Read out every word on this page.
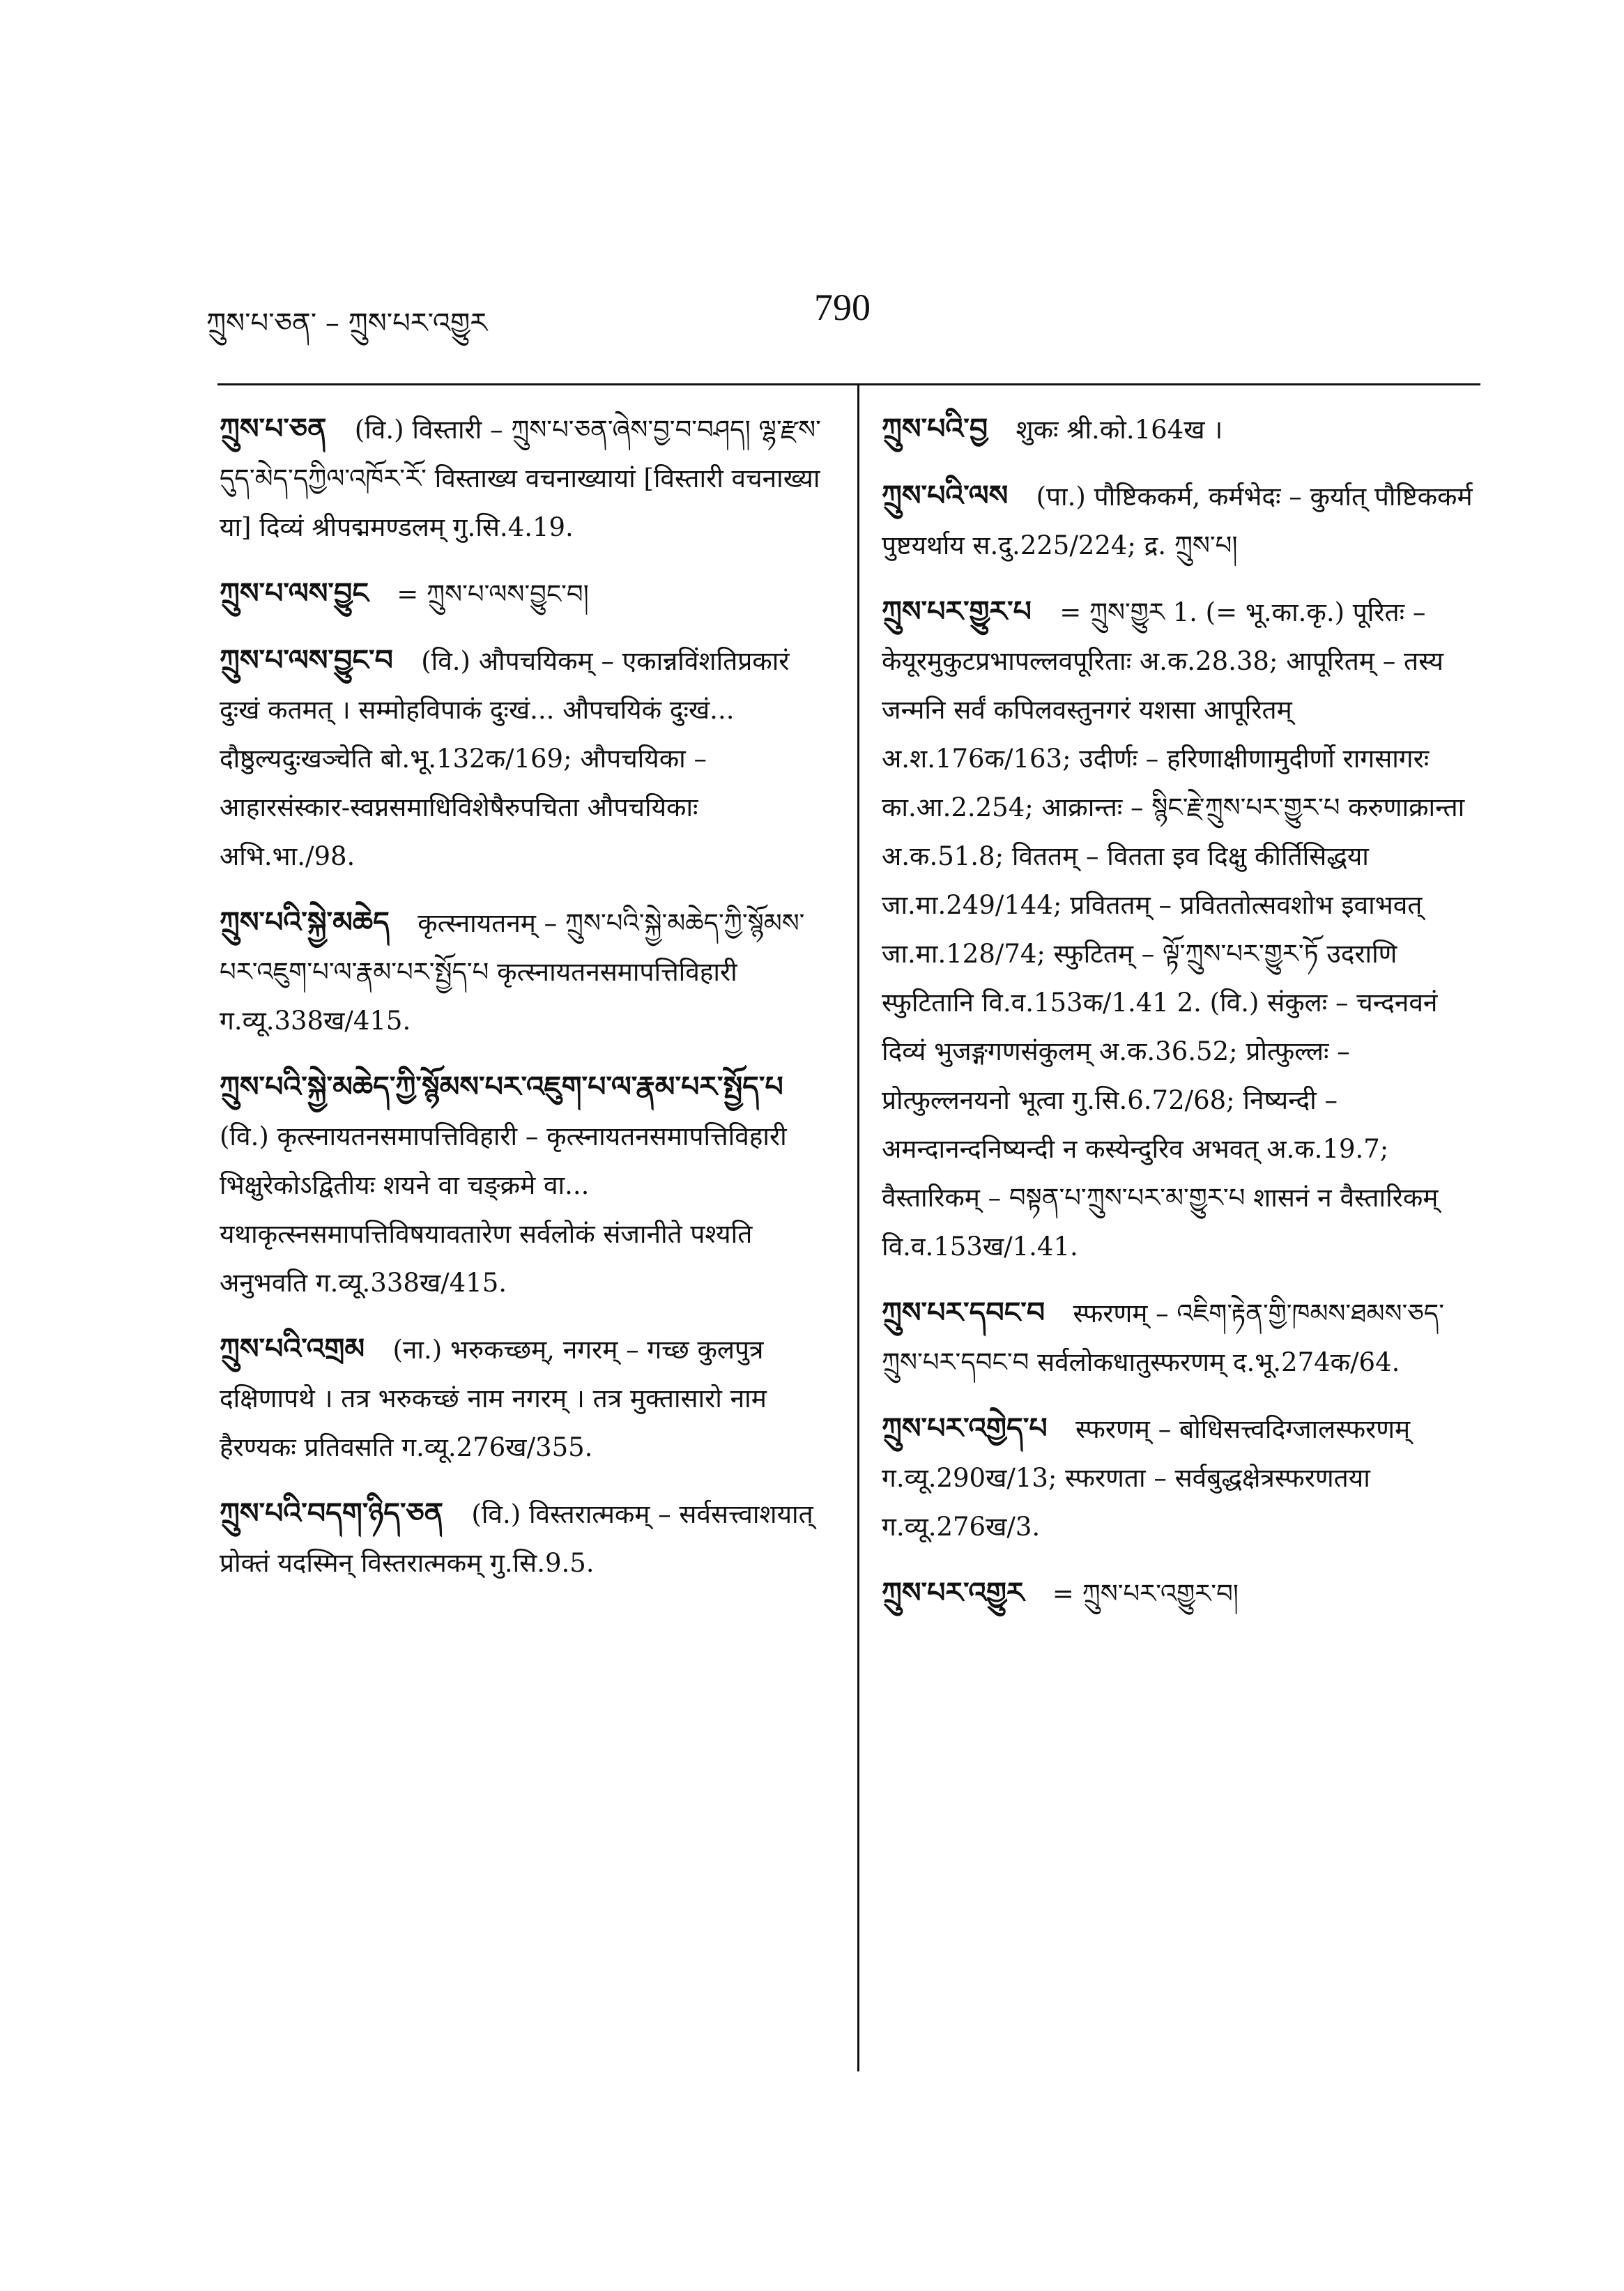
ཀྲུས་པ་ཅན་ – ཀྲུས་པར་འགྱུར	790
ཀྲུས་པ་ཅན   (वि.) विस्तारी – ཀྲུས་པ་ཅན་ཞེས་བྱ་བ་བཤད། ལྷ་རྫས་དུད་མེད་དཀྱིལ་འཁོར་རོ་ विस्ताख्य वचनाख्यायां [विस्तारी वचनाख्या या] दिव्यं श्रीपद्ममण्डलम् गु.सि.4.19.
ཀྲུས་པ་ལས་བྱུང   = ཀྲུས་པ་ལས་བྱུང་བ།
ཀྲུས་པ་ལས་བྱུང་བ   (वि.) औपचयिकम् – एकान्नविंशतिप्रकारं दुःखं कतमत् । सम्मोहविपाकं दुःखं... औपचयिकं दुःखं... दौष्ठुल्यदुःखञ्चेति बो.भू.132क/169; औपचयिका – आहारसंस्कार-स्वप्नसमाधिविशेषैरुपचिता औपचयिकाः अभि.भा./98.
ཀྲུས་པའི་སྐྱེ་མཆེད   कृत्स्नायतनम् – ཀྲུས་པའི་སྐྱེ་མཆེད་ཀྱི་སྙོམས་པར་འཇུག་པ་ལ་རྣམ་པར་སྤྱོད་པ कृत्स्नायतनसमापत्तिविहारी ग.व्यू.338ख/415.
ཀྲུས་པའི་སྐྱེ་མཆེད་ཀྱི་སྙོམས་པར་འཇུག་པ་ལ་རྣམ་པར་སྤྱོད་པ   (वि.) कृत्स्नायतनसमापत्तिविहारी – कृत्स्नायतनसमापत्तिविहारी भिक्षुरेकोऽद्वितीयः शयने वा चङ्क्रमे वा... यथाकृत्स्नसमापत्तिविषयावतारेण सर्वलोकं संजानीते पश्यति अनुभवति ग.व्यू.338ख/415.
ཀྲུས་པའི་འགྲམ   (ना.) भरुकच्छम्, नगरम् – गच्छ कुलपुत्र दक्षिणापथे । तत्र भरुकच्छं नाम नगरम् । तत्र मुक्तासारो नाम हैरण्यकः प्रतिवसति ग.व्यू.276ख/355.
ཀྲུས་པའི་བདག་ཉིད་ཅན   (वि.) विस्तरात्मकम् – सर्वसत्त्वाशयात् प्रोक्तं यदस्मिन् विस्तरात्मकम् गु.सि.9.5.
ཀྲུས་པའི་བྱ   शुकः श्री.को.164ख ।
ཀྲུས་པའི་ལས   (पा.) पौष्टिककर्म, कर्मभेदः – कुर्यात् पौष्टिककर्म पुष्टयर्थाय स.दु.225/224; द्र. ཀྲུས་པ།
ཀྲུས་པར་གྱུར་པ   = ཀྲུས་གྱུར 1. (= भू.का.कृ.) पूरितः – केयूरमुकुटप्रभापल्लवपूरिताः अ.क.28.38; आपूरितम् – तस्य जन्मनि सर्वं कपिलवस्तुनगरं यशसा आपूरितम् अ.श.176क/163; उदीर्णः – हरिणाक्षीणामुदीर्णो रागसागरः का.आ.2.254; आक्रान्तः – སྙིང་རྗེ་ཀྲུས་པར་གྱུར་པ करुणाक्रान्ता अ.क.51.8; विततम् – वितता इव दिक्षु कीर्तिसिद्धया जा.मा.249/144; प्रविततम् – प्रविततोत्सवशोभ इवाभवत् जा.मा.128/74; स्फुटितम् – ལྟོ་ཀྲུས་པར་གྱུར་ཏོ उदराणि स्फुटितानि वि.व.153क/1.41 2. (वि.) संकुलः – चन्दनवनं दिव्यं भुजङ्गगणसंकुलम् अ.क.36.52; प्रोत्फुल्लः – प्रोत्फुल्लनयनो भूत्वा गु.सि.6.72/68; निष्यन्दी – अमन्दानन्दनिष्यन्दी न कस्येन्दुरिव अभवत् अ.क.19.7; वैस्तारिकम् – བསྟན་པ་ཀྲུས་པར་མ་གྱུར་པ शासनं न वैस्तारिकम् वि.व.153ख/1.41.
ཀྲུས་པར་དབང་བ   स्फरणम् – འཇིག་རྟེན་གྱི་ཁམས་ཐམས་ཅད་ཀྲུས་པར་དབང་བ सर्वलोकधातुस्फरणम् द.भू.274क/64.
ཀྲུས་པར་འགྱེད་པ   स्फरणम् – बोधिसत्त्वदिग्जालस्फरणम् ग.व्यू.290ख/13; स्फरणता – सर्वबुद्धक्षेत्रस्फरणतया ग.व्यू.276ख/3.
ཀྲུས་པར་འགྱུར   = ཀྲུས་པར་འགྱུར་བ།
